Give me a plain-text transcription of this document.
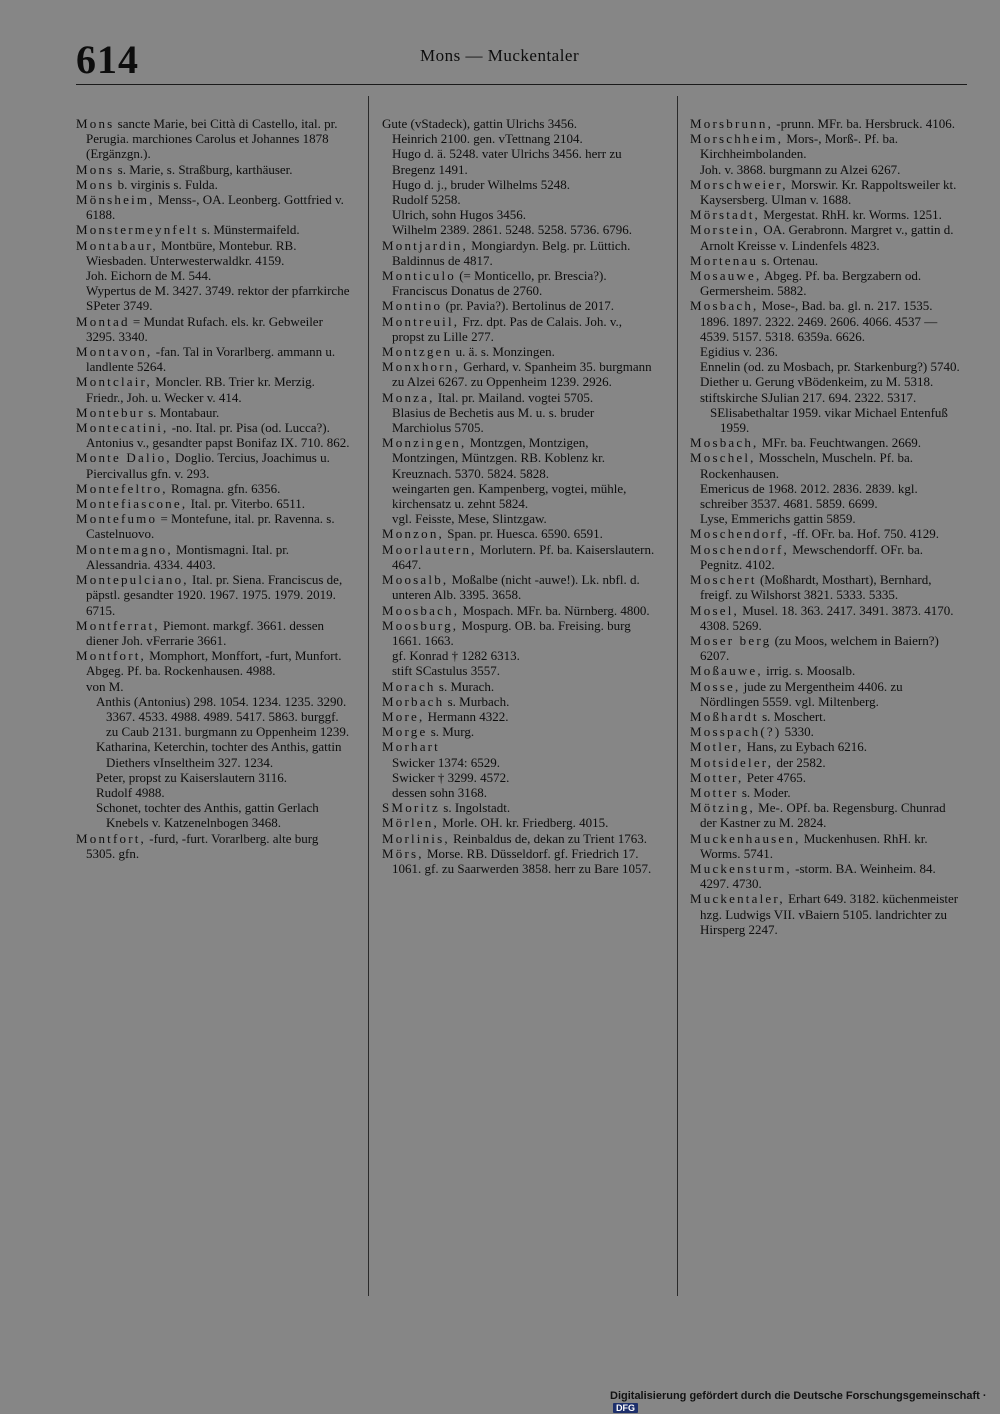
614	Mons — Muckentaler
Mons sancte Marie, bei Città di Castello, ital. pr. Perugia. marchiones Carolus et Johannes 1878 (Ergänzgn.).
Mons s. Marie, s. Straßburg, karthäuser.
Mons b. virginis s. Fulda.
Mönsheim, Menss-, OA. Leonberg. Gottfried v. 6188.
Monstermeynfelt s. Münstermaifeld.
Montabaur, Montbüre, Montebur. RB. Wiesbaden. Unterwesterwaldkr. 4159.
Joh. Eichorn de M. 544.
Wypertus de M. 3427. 3749. rektor der pfarrkirche SPeter 3749.
Montad = Mundat Rufach. els. kr. Gebweiler 3295. 3340.
Montavon, -fan. Tal in Vorarlberg. ammann u. landlente 5264.
Montclair, Moncler. RB. Trier kr. Merzig. Friedr., Joh. u. Wecker v. 414.
Montebur s. Montabaur.
Montecatini, -no. Ital. pr. Pisa (od. Lucca?). Antonius v., gesandter papst Bonifaz IX. 710. 862.
Monte Dalio, Doglio. Tercius, Joachimus u. Piercivallus gfn. v. 293.
Montefeltro, Romagna. gfn. 6356.
Montefiascone, Ital. pr. Viterbo. 6511.
Montefumo = Montefune, ital. pr. Ravenna. s. Castelnuovo.
Montemagno, Montismagni. Ital. pr. Alessandria. 4334. 4403.
Montepulciano, Ital. pr. Siena. Franciscus de, päpstl. gesandter 1920. 1967. 1975. 1979. 2019. 6715.
Montferrat, Piemont. markgf. 3661. dessen diener Joh. vFerrarie 3661.
Montfort, Momphort, Monffort, -furt, Munfort. Abgeg. Pf. ba. Rockenhausen. 4988.
von M.
Anthis (Antonius) 298. 1054. 1234. 1235. 3290. 3367. 4533. 4988. 4989. 5417. 5863. burggf. zu Caub 2131. burgmann zu Oppenheim 1239.
Katharina, Keterchin, tochter des Anthis, gattin Diethers vInseltheim 327. 1234.
Peter, propst zu Kaiserslautern 3116.
Rudolf 4988.
Schonet, tochter des Anthis, gattin Gerlach Knebels v. Katzenelnbogen 3468.
Montfort, -furd, -furt. Vorarlberg. alte burg 5305. gfn.
Gute (vStadeck), gattin Ulrichs 3456.
Heinrich 2100. gen. vTettnang 2104.
Hugo d. ä. 5248. vater Ulrichs 3456. herr zu Bregenz 1491.
Hugo d. j., bruder Wilhelms 5248.
Rudolf 5258.
Ulrich, sohn Hugos 3456.
Wilhelm 2389. 2861. 5248. 5258. 5736. 6796.
Montjardin, Mongiardyn. Belg. pr. Lüttich. Baldinnus de 4817.
Monticulo (= Monticello, pr. Brescia?). Franciscus Donatus de 2760.
Montino (pr. Pavia?). Bertolinus de 2017.
Montreuil, Frz. dpt. Pas de Calais. Joh. v., propst zu Lille 277.
Montzgen u. ä. s. Monzingen.
Monxhorn, Gerhard, v. Spanheim 35. burgmann zu Alzei 6267. zu Oppenheim 1239. 2926.
Monza, Ital. pr. Mailand. vogtei 5705.
Blasius de Bechetis aus M. u. s. bruder Marchiolus 5705.
Monzingen, Montzgen, Montzigen, Montzingen, Müntzgen. RB. Koblenz kr. Kreuznach. 5370. 5824. 5828.
weingarten gen. Kampenberg, vogtei, mühle, kirchensatz u. zehnt 5824.
vgl. Feisste, Mese, Slintzgaw.
Monzon, Span. pr. Huesca. 6590. 6591.
Moorlautern, Morlutern. Pf. ba. Kaiserslautern. 4647.
Moosalb, Moßalbe (nicht -auwe!). Lk. nbfl. d. unteren Alb. 3395. 3658.
Moosbach, Mospach. MFr. ba. Nürnberg. 4800.
Moosburg, Mospurg. OB. ba. Freising. burg 1661. 1663.
gf. Konrad † 1282 6313.
stift SCastulus 3557.
Morach s. Murach.
Morbach s. Murbach.
More, Hermann 4322.
Morge s. Murg.
Morhart
Swicker 1374: 6529.
Swicker † 3299. 4572.
dessen sohn 3168.
SMoritz s. Ingolstadt.
Mörlen, Morle. OH. kr. Friedberg. 4015.
Morlinis, Reinbaldus de, dekan zu Trient 1763.
Mörs, Morse. RB. Düsseldorf. gf. Friedrich 17. 1061. gf. zu Saarwerden 3858. herr zu Bare 1057.
Morsbrunn, -prunn. MFr. ba. Hersbruck. 4106.
Morschheim, Mors-, Morß-. Pf. ba. Kirchheimbolanden.
Joh. v. 3868. burgmann zu Alzei 6267.
Morschweier, Morswir. Kr. Rappoltsweiler kt. Kaysersberg. Ulman v. 1688.
Mörstadt, Mergestat. RhH. kr. Worms. 1251.
Morstein, OA. Gerabronn. Margret v., gattin d. Arnolt Kreisse v. Lindenfels 4823.
Mortenau s. Ortenau.
Mosauwe, Abgeg. Pf. ba. Bergzabern od. Germersheim. 5882.
Mosbach, Mose-, Bad. ba. gl. n. 217. 1535. 1896. 1897. 2322. 2469. 2606. 4066. 4537 — 4539. 5157. 5318. 6359a. 6626.
Egidius v. 236.
Ennelin (od. zu Mosbach, pr. Starkenburg?) 5740.
Diether u. Gerung vBödenkeim, zu M. 5318.
stiftskirche SJulian 217. 694. 2322. 5317.
SElisabethaltar 1959. vikar Michael Entenfuß 1959.
Mosbach, MFr. ba. Feuchtwangen. 2669.
Moschel, Mosscheln, Muscheln. Pf. ba. Rockenhausen.
Emericus de 1968. 2012. 2836. 2839. kgl. schreiber 3537. 4681. 5859. 6699.
Lyse, Emmerichs gattin 5859.
Moschendorf, -ff. OFr. ba. Hof. 750. 4129.
Moschendorf, Mewschendorff. OFr. ba. Pegnitz. 4102.
Moschert (Moßhardt, Mosthart), Bernhard, freigf. zu Wilshorst 3821. 5333. 5335.
Mosel, Musel. 18. 363. 2417. 3491. 3873. 4170. 4308. 5269.
Moser berg (zu Moos, welchem in Baiern?) 6207.
Moßauwe, irrig. s. Moosalb.
Mosse, jude zu Mergentheim 4406. zu Nördlingen 5559. vgl. Miltenberg.
Moßhardt s. Moschert.
Mosspach(?) 5330.
Motler, Hans, zu Eybach 6216.
Motsideler, der 2582.
Motter, Peter 4765.
Motter s. Moder.
Mötzing, Me-. OPf. ba. Regensburg. Chunrad der Kastner zu M. 2824.
Muckenhausen, Muckenhusen. RhH. kr. Worms. 5741.
Muckensturm, -storm. BA. Weinheim. 84. 4297. 4730.
Muckentaler, Erhart 649. 3182. küchenmeister hzg. Ludwigs VII. vBaiern 5105. landrichter zu Hirsperg 2247.
Digitalisierung gefördert durch die Deutsche Forschungsgemeinschaft · DFG
